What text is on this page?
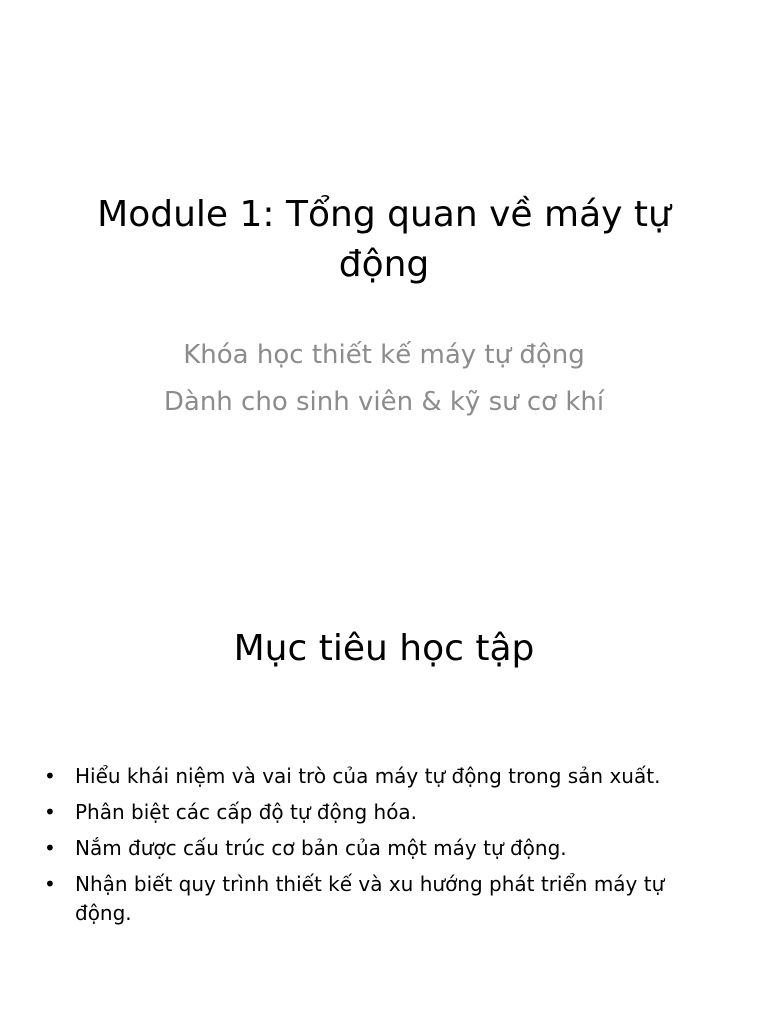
Module 1: Tổng quan về máy tự động
Khóa học thiết kế máy tự động
Dành cho sinh viên & kỹ sư cơ khí
Mục tiêu học tập
• Hiểu khái niệm và vai trò của máy tự động trong sản xuất.
• Phân biệt các cấp độ tự động hóa.
• Nắm được cấu trúc cơ bản của một máy tự động.
• Nhận biết quy trình thiết kế và xu hướng phát triển máy tự động.
